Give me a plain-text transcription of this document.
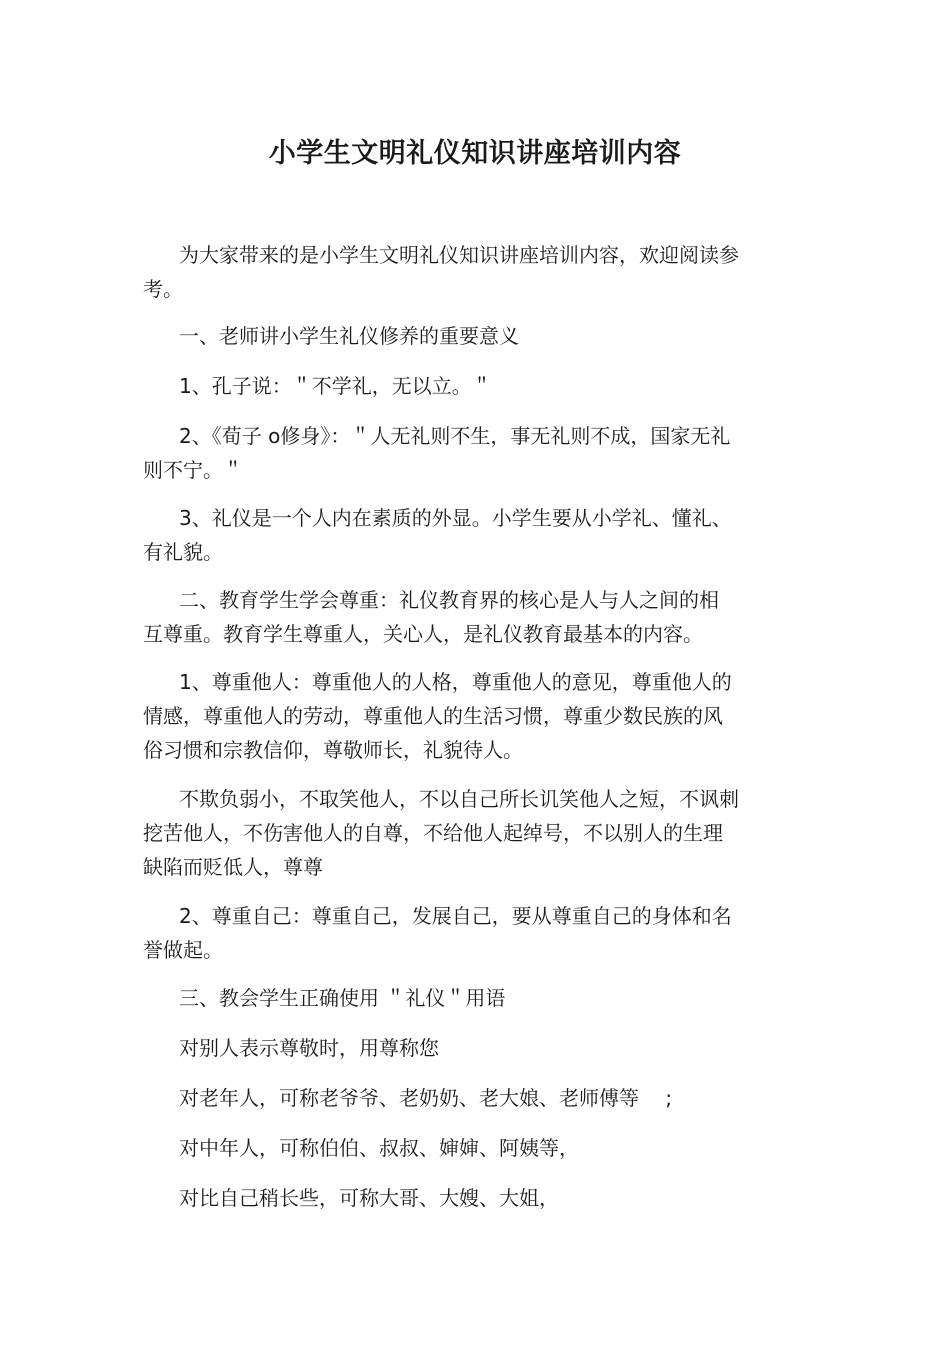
小学生文明礼仪知识讲座培训内容

为大家带来的是小学生文明礼仪知识讲座培训内容，欢迎阅读参
考。

一、老师讲小学生礼仪修养的重要意义

1、孔子说：＂不学礼，无以立。＂

2、《荀子 o修身》：＂人无礼则不生，事无礼则不成，国家无礼
则不宁。＂

3、礼仪是一个人内在素质的外显。小学生要从小学礼、懂礼、
有礼貌。

二、教育学生学会尊重：礼仪教育界的核心是人与人之间的相
互尊重。教育学生尊重人，关心人，是礼仪教育最基本的内容。

1、尊重他人：尊重他人的人格，尊重他人的意见，尊重他人的
情感，尊重他人的劳动，尊重他人的生活习惯，尊重少数民族的风
俗习惯和宗教信仰，尊敬师长，礼貌待人。

不欺负弱小，不取笑他人，不以自己所长讥笑他人之短，不讽刺
挖苦他人，不伤害他人的自尊，不给他人起绰号，不以别人的生理
缺陷而贬低人，尊尊

2、尊重自己：尊重自己，发展自己，要从尊重自己的身体和名
誉做起。

三、教会学生正确使用 ＂礼仪＂用语

对别人表示尊敬时，用尊称您

对老年人，可称老爷爷、老奶奶、老大娘、老师傅等　 ;

对中年人，可称伯伯、叔叔、婶婶、阿姨等，

对比自己稍长些，可称大哥、大嫂、大姐，
